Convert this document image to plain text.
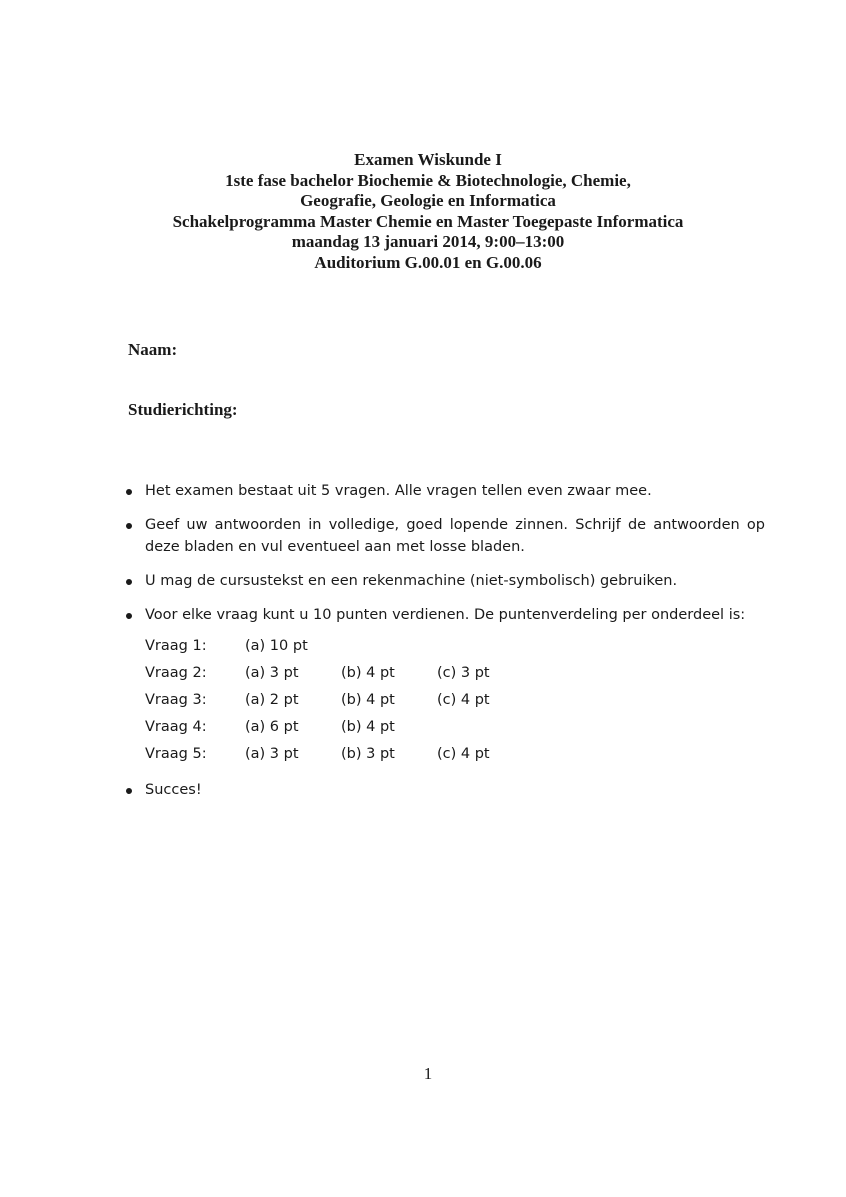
Examen Wiskunde I
1ste fase bachelor Biochemie & Biotechnologie, Chemie,
Geografie, Geologie en Informatica
Schakelprogramma Master Chemie en Master Toegepaste Informatica
maandag 13 januari 2014, 9:00–13:00
Auditorium G.00.01 en G.00.06
Naam:
Studierichting:
Het examen bestaat uit 5 vragen. Alle vragen tellen even zwaar mee.
Geef uw antwoorden in volledige, goed lopende zinnen. Schrijf de antwoorden op deze bladen en vul eventueel aan met losse bladen.
U mag de cursustekst en een rekenmachine (niet-symbolisch) gebruiken.
Voor elke vraag kunt u 10 punten verdienen. De puntenverdeling per onderdeel is:
Vraag 1:	(a) 10 pt
Vraag 2:	(a) 3 pt	(b) 4 pt	(c) 3 pt
Vraag 3:	(a) 2 pt	(b) 4 pt	(c) 4 pt
Vraag 4:	(a) 6 pt	(b) 4 pt
Vraag 5:	(a) 3 pt	(b) 3 pt	(c) 4 pt
Succes!
1
